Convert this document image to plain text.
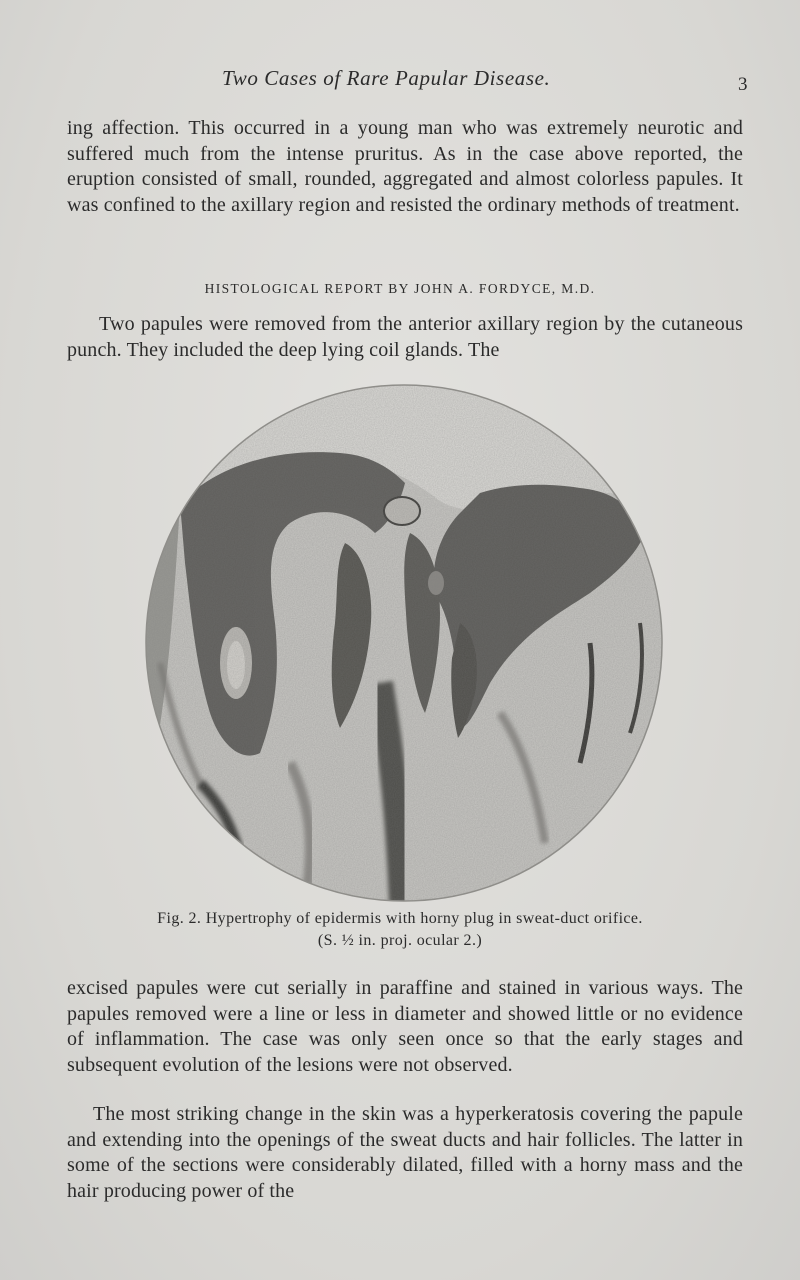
Two Cases of Rare Papular Disease.	3

ing affection. This occurred in a young man who was extremely neurotic and suffered much from the intense pruritus. As in the case above reported, the eruption consisted of small, rounded, aggregated and almost colorless papules. It was confined to the axillary region and resisted the ordinary methods of treatment.

HISTOLOGICAL REPORT BY JOHN A. FORDYCE, M.D.

Two papules were removed from the anterior axillary region by the cutaneous punch. They included the deep lying coil glands. The

Fig. 2. Hypertrophy of epidermis with horny plug in sweat-duct orifice.
(S. ½ in. proj. ocular 2.)

excised papules were cut serially in paraffine and stained in various ways. The papules removed were a line or less in diameter and showed little or no evidence of inflammation. The case was only seen once so that the early stages and subsequent evolution of the lesions were not observed.

The most striking change in the skin was a hyperkeratosis covering the papule and extending into the openings of the sweat ducts and hair follicles. The latter in some of the sections were considerably dilated, filled with a horny mass and the hair producing power of the
